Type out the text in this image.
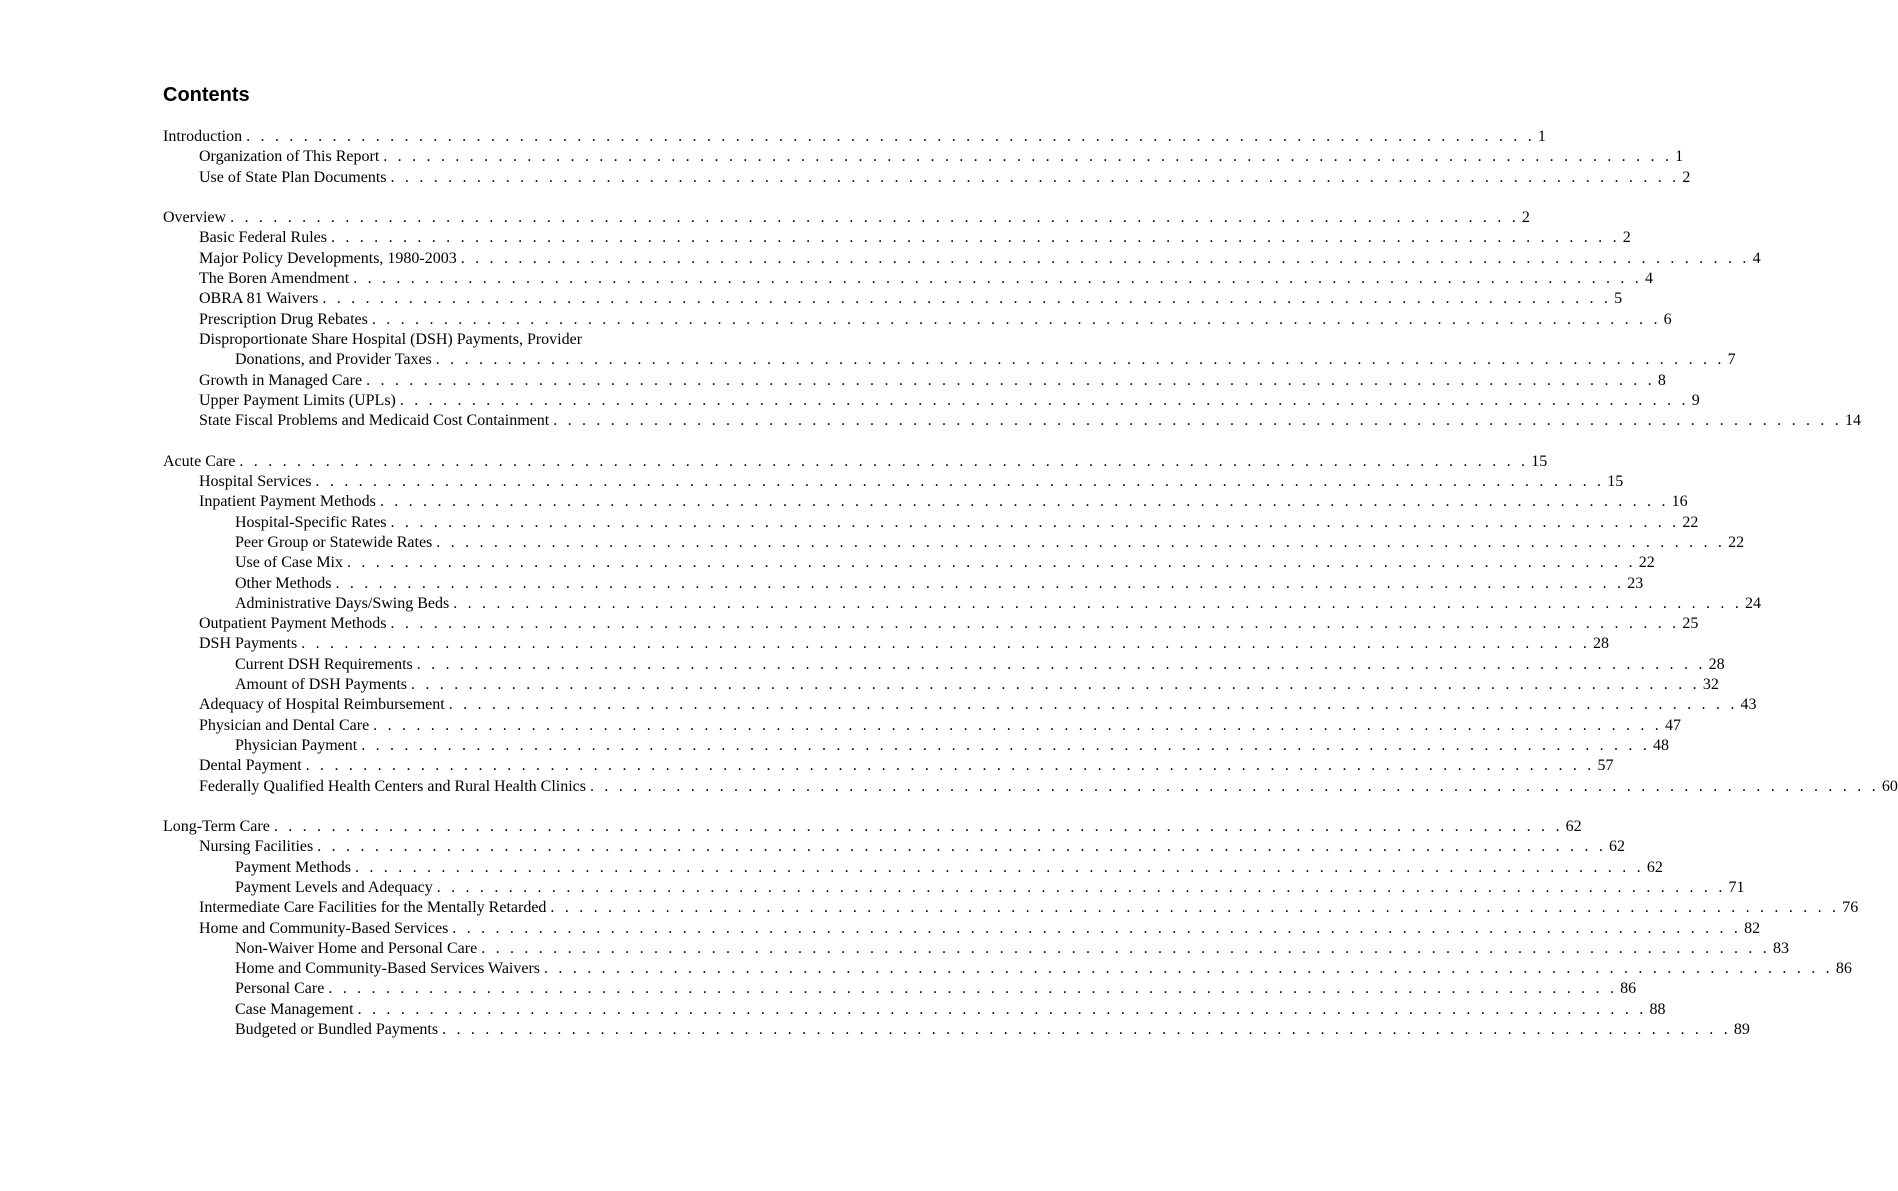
Contents
Introduction . . . . . . . . . . . . . . . . . . . . . . . . . . . . . . . . . . . . . . . . . . . . . . . . . . . . . . . . . . . . . . . . . . . . . . . . . . . . . . . . . . . . . . . . . . 1
Organization of This Report . . . . . . . . . . . . . . . . . . . . . . . . . . . . . . . . . . . . . . . . . . . . . . . . . . . . . . . . . . . . . . . . . . . . . . . . . . . . . . . . . . . . . . . . . . 1
Use of State Plan Documents . . . . . . . . . . . . . . . . . . . . . . . . . . . . . . . . . . . . . . . . . . . . . . . . . . . . . . . . . . . . . . . . . . . . . . . . . . . . . . . . . . . . . . . . . . 2
Overview . . . . . . . . . . . . . . . . . . . . . . . . . . . . . . . . . . . . . . . . . . . . . . . . . . . . . . . . . . . . . . . . . . . . . . . . . . . . . . . . . . . . . . . . . . 2
Basic Federal Rules . . . . . . . . . . . . . . . . . . . . . . . . . . . . . . . . . . . . . . . . . . . . . . . . . . . . . . . . . . . . . . . . . . . . . . . . . . . . . . . . . . . . . . . . . . 2
Major Policy Developments, 1980-2003 . . . . . . . . . . . . . . . . . . . . . . . . . . . . . . . . . . . . . . . . . . . . . . . . . . . . . . . . . . . . . . . . . . . . . . . . . . . . . . . . . . . . . . . . . . 4
The Boren Amendment . . . . . . . . . . . . . . . . . . . . . . . . . . . . . . . . . . . . . . . . . . . . . . . . . . . . . . . . . . . . . . . . . . . . . . . . . . . . . . . . . . . . . . . . . . 4
OBRA 81 Waivers . . . . . . . . . . . . . . . . . . . . . . . . . . . . . . . . . . . . . . . . . . . . . . . . . . . . . . . . . . . . . . . . . . . . . . . . . . . . . . . . . . . . . . . . . . 5
Prescription Drug Rebates . . . . . . . . . . . . . . . . . . . . . . . . . . . . . . . . . . . . . . . . . . . . . . . . . . . . . . . . . . . . . . . . . . . . . . . . . . . . . . . . . . . . . . . . . . 6
Disproportionate Share Hospital (DSH) Payments, Provider
Donations, and Provider Taxes . . . . . . . . . . . . . . . . . . . . . . . . . . . . . . . . . . . . . . . . . . . . . . . . . . . . . . . . . . . . . . . . . . . . . . . . . . . . . . . . . . . . . . . . . . 7
Growth in Managed Care . . . . . . . . . . . . . . . . . . . . . . . . . . . . . . . . . . . . . . . . . . . . . . . . . . . . . . . . . . . . . . . . . . . . . . . . . . . . . . . . . . . . . . . . . . 8
Upper Payment Limits (UPLs) . . . . . . . . . . . . . . . . . . . . . . . . . . . . . . . . . . . . . . . . . . . . . . . . . . . . . . . . . . . . . . . . . . . . . . . . . . . . . . . . . . . . . . . . . . 9
State Fiscal Problems and Medicaid Cost Containment . . . . . . . . . . . . . . . . . . . . . . . . . . . . . . . . . . . . . . . . . . . . . . . . . . . . . . . . . . . . . . . . . . . . . . . . . . . . . . . . . . . . . . . . . . 14
Acute Care . . . . . . . . . . . . . . . . . . . . . . . . . . . . . . . . . . . . . . . . . . . . . . . . . . . . . . . . . . . . . . . . . . . . . . . . . . . . . . . . . . . . . . . . . . 15
Hospital Services . . . . . . . . . . . . . . . . . . . . . . . . . . . . . . . . . . . . . . . . . . . . . . . . . . . . . . . . . . . . . . . . . . . . . . . . . . . . . . . . . . . . . . . . . . 15
Inpatient Payment Methods . . . . . . . . . . . . . . . . . . . . . . . . . . . . . . . . . . . . . . . . . . . . . . . . . . . . . . . . . . . . . . . . . . . . . . . . . . . . . . . . . . . . . . . . . . 16
Hospital-Specific Rates . . . . . . . . . . . . . . . . . . . . . . . . . . . . . . . . . . . . . . . . . . . . . . . . . . . . . . . . . . . . . . . . . . . . . . . . . . . . . . . . . . . . . . . . . . 22
Peer Group or Statewide Rates . . . . . . . . . . . . . . . . . . . . . . . . . . . . . . . . . . . . . . . . . . . . . . . . . . . . . . . . . . . . . . . . . . . . . . . . . . . . . . . . . . . . . . . . . . 22
Use of Case Mix . . . . . . . . . . . . . . . . . . . . . . . . . . . . . . . . . . . . . . . . . . . . . . . . . . . . . . . . . . . . . . . . . . . . . . . . . . . . . . . . . . . . . . . . . . 22
Other Methods . . . . . . . . . . . . . . . . . . . . . . . . . . . . . . . . . . . . . . . . . . . . . . . . . . . . . . . . . . . . . . . . . . . . . . . . . . . . . . . . . . . . . . . . . . 23
Administrative Days/Swing Beds . . . . . . . . . . . . . . . . . . . . . . . . . . . . . . . . . . . . . . . . . . . . . . . . . . . . . . . . . . . . . . . . . . . . . . . . . . . . . . . . . . . . . . . . . . 24
Outpatient Payment Methods . . . . . . . . . . . . . . . . . . . . . . . . . . . . . . . . . . . . . . . . . . . . . . . . . . . . . . . . . . . . . . . . . . . . . . . . . . . . . . . . . . . . . . . . . . 25
DSH Payments . . . . . . . . . . . . . . . . . . . . . . . . . . . . . . . . . . . . . . . . . . . . . . . . . . . . . . . . . . . . . . . . . . . . . . . . . . . . . . . . . . . . . . . . . . 28
Current DSH Requirements . . . . . . . . . . . . . . . . . . . . . . . . . . . . . . . . . . . . . . . . . . . . . . . . . . . . . . . . . . . . . . . . . . . . . . . . . . . . . . . . . . . . . . . . . . 28
Amount of DSH Payments . . . . . . . . . . . . . . . . . . . . . . . . . . . . . . . . . . . . . . . . . . . . . . . . . . . . . . . . . . . . . . . . . . . . . . . . . . . . . . . . . . . . . . . . . . 32
Adequacy of Hospital Reimbursement . . . . . . . . . . . . . . . . . . . . . . . . . . . . . . . . . . . . . . . . . . . . . . . . . . . . . . . . . . . . . . . . . . . . . . . . . . . . . . . . . . . . . . . . . . 43
Physician and Dental Care . . . . . . . . . . . . . . . . . . . . . . . . . . . . . . . . . . . . . . . . . . . . . . . . . . . . . . . . . . . . . . . . . . . . . . . . . . . . . . . . . . . . . . . . . . 47
Physician Payment . . . . . . . . . . . . . . . . . . . . . . . . . . . . . . . . . . . . . . . . . . . . . . . . . . . . . . . . . . . . . . . . . . . . . . . . . . . . . . . . . . . . . . . . . . 48
Dental Payment . . . . . . . . . . . . . . . . . . . . . . . . . . . . . . . . . . . . . . . . . . . . . . . . . . . . . . . . . . . . . . . . . . . . . . . . . . . . . . . . . . . . . . . . . . 57
Federally Qualified Health Centers and Rural Health Clinics . . . . . . . . . . . . . . . . . . . . . . . . . . . . . . . . . . . . . . . . . . . . . . . . . . . . . . . . . . . . . . . . . . . . . . . . . . . . . . . . . . . . . . . . . . 60
Long-Term Care . . . . . . . . . . . . . . . . . . . . . . . . . . . . . . . . . . . . . . . . . . . . . . . . . . . . . . . . . . . . . . . . . . . . . . . . . . . . . . . . . . . . . . . . . . 62
Nursing Facilities . . . . . . . . . . . . . . . . . . . . . . . . . . . . . . . . . . . . . . . . . . . . . . . . . . . . . . . . . . . . . . . . . . . . . . . . . . . . . . . . . . . . . . . . . . 62
Payment Methods . . . . . . . . . . . . . . . . . . . . . . . . . . . . . . . . . . . . . . . . . . . . . . . . . . . . . . . . . . . . . . . . . . . . . . . . . . . . . . . . . . . . . . . . . . 62
Payment Levels and Adequacy . . . . . . . . . . . . . . . . . . . . . . . . . . . . . . . . . . . . . . . . . . . . . . . . . . . . . . . . . . . . . . . . . . . . . . . . . . . . . . . . . . . . . . . . . . 71
Intermediate Care Facilities for the Mentally Retarded . . . . . . . . . . . . . . . . . . . . . . . . . . . . . . . . . . . . . . . . . . . . . . . . . . . . . . . . . . . . . . . . . . . . . . . . . . . . . . . . . . . . . . . . . . 76
Home and Community-Based Services . . . . . . . . . . . . . . . . . . . . . . . . . . . . . . . . . . . . . . . . . . . . . . . . . . . . . . . . . . . . . . . . . . . . . . . . . . . . . . . . . . . . . . . . . . 82
Non-Waiver Home and Personal Care . . . . . . . . . . . . . . . . . . . . . . . . . . . . . . . . . . . . . . . . . . . . . . . . . . . . . . . . . . . . . . . . . . . . . . . . . . . . . . . . . . . . . . . . . . 83
Home and Community-Based Services Waivers . . . . . . . . . . . . . . . . . . . . . . . . . . . . . . . . . . . . . . . . . . . . . . . . . . . . . . . . . . . . . . . . . . . . . . . . . . . . . . . . . . . . . . . . . . 86
Personal Care . . . . . . . . . . . . . . . . . . . . . . . . . . . . . . . . . . . . . . . . . . . . . . . . . . . . . . . . . . . . . . . . . . . . . . . . . . . . . . . . . . . . . . . . . . 86
Case Management . . . . . . . . . . . . . . . . . . . . . . . . . . . . . . . . . . . . . . . . . . . . . . . . . . . . . . . . . . . . . . . . . . . . . . . . . . . . . . . . . . . . . . . . . . 88
Budgeted or Bundled Payments . . . . . . . . . . . . . . . . . . . . . . . . . . . . . . . . . . . . . . . . . . . . . . . . . . . . . . . . . . . . . . . . . . . . . . . . . . . . . . . . . . . . . . . . . . 89
